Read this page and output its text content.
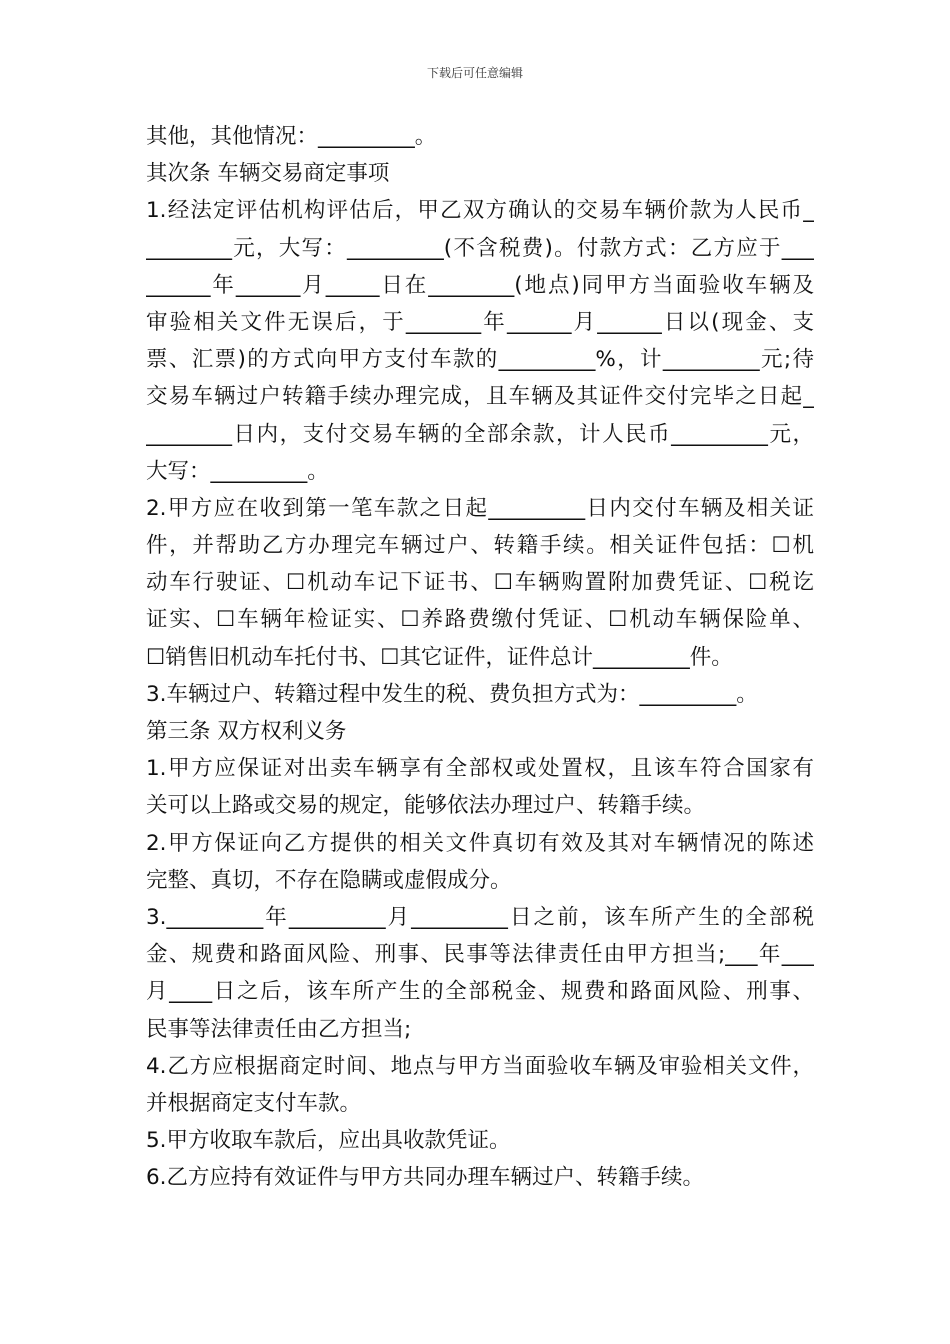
下载后可任意编辑
其他，其他情况：_________。
其次条 车辆交易商定事项
1.经法定评估机构评估后，甲乙双方确认的交易车辆价款为人民币_
________元，大写：_________(不含税费)。付款方式：乙方应于___
______年______月_____日在________(地点)同甲方当面验收车辆及
审验相关文件无误后，于_______年______月______日以(现金、支
票、汇票)的方式向甲方支付车款的_________%，计_________元;待
交易车辆过户转籍手续办理完成，且车辆及其证件交付完毕之日起_
________日内，支付交易车辆的全部余款，计人民币_________元，
大写：_________。
2.甲方应在收到第一笔车款之日起_________日内交付车辆及相关证
件，并帮助乙方办理完车辆过户、转籍手续。相关证件包括：☐机
动车行驶证、☐机动车记下证书、☐车辆购置附加费凭证、☐税讫
证实、☐车辆年检证实、☐养路费缴付凭证、☐机动车辆保险单、
☐销售旧机动车托付书、☐其它证件，证件总计_________件。
3.车辆过户、转籍过程中发生的税、费负担方式为：_________。
第三条 双方权利义务
1.甲方应保证对出卖车辆享有全部权或处置权，且该车符合国家有
关可以上路或交易的规定，能够依法办理过户、转籍手续。
2.甲方保证向乙方提供的相关文件真切有效及其对车辆情况的陈述
完整、真切，不存在隐瞒或虚假成分。
3._________年_________月_________日之前，该车所产生的全部税
金、规费和路面风险、刑事、民事等法律责任由甲方担当;___年___
月____日之后，该车所产生的全部税金、规费和路面风险、刑事、
民事等法律责任由乙方担当;
4.乙方应根据商定时间、地点与甲方当面验收车辆及审验相关文件，
并根据商定支付车款。
5.甲方收取车款后，应出具收款凭证。
6.乙方应持有效证件与甲方共同办理车辆过户、转籍手续。
